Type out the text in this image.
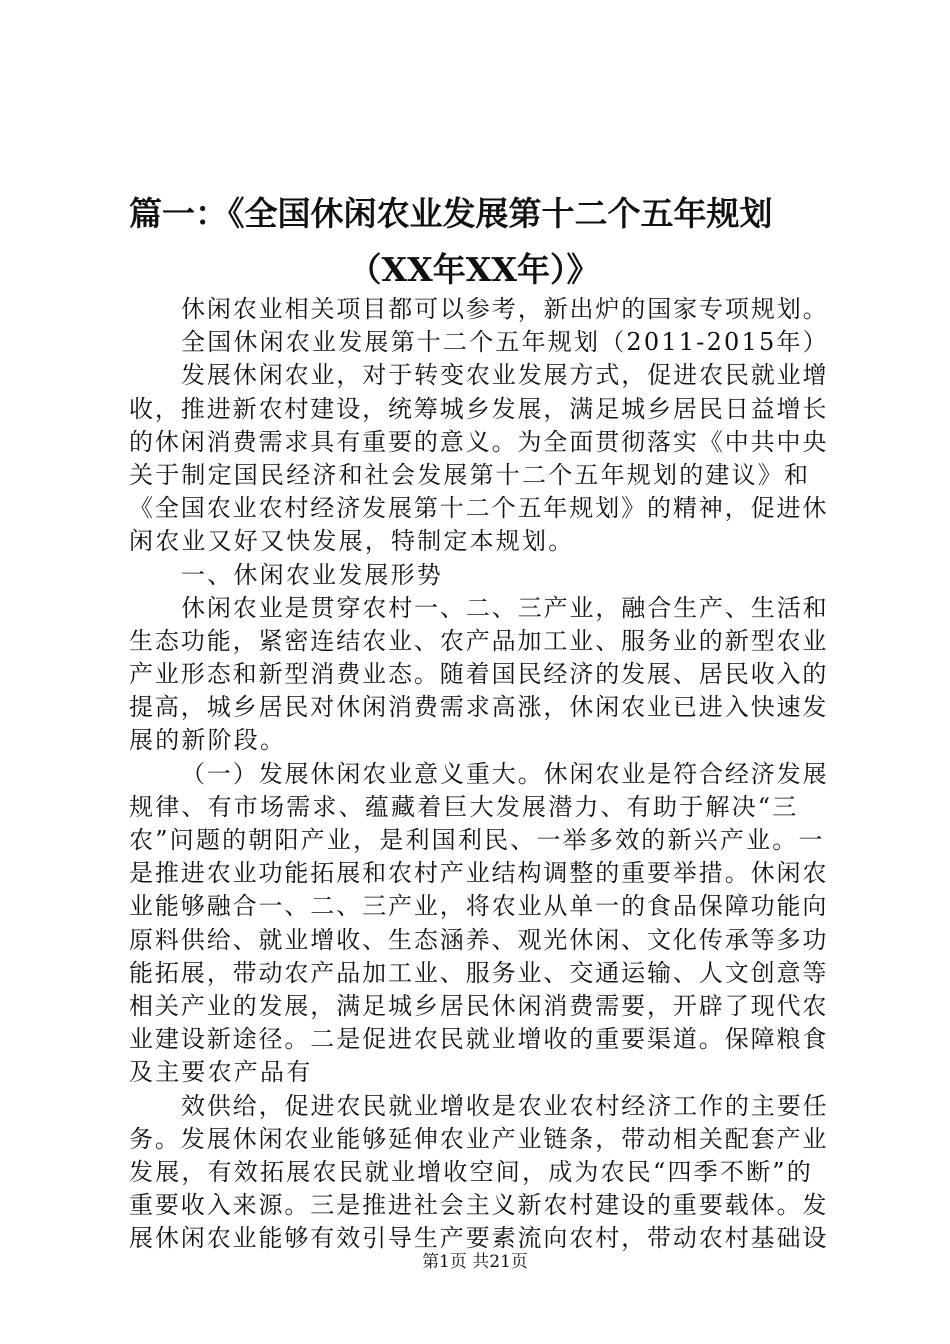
篇一：《全国休闲农业发展第十二个五年规划
（XX年XX年）》
休闲农业相关项目都可以参考，新出炉的国家专项规划。
全国休闲农业发展第十二个五年规划（2011-2015年）
发展休闲农业，对于转变农业发展方式，促进农民就业增
收，推进新农村建设，统筹城乡发展，满足城乡居民日益增长
的休闲消费需求具有重要的意义。为全面贯彻落实《中共中央
关于制定国民经济和社会发展第十二个五年规划的建议》和
《全国农业农村经济发展第十二个五年规划》的精神，促进休
闲农业又好又快发展，特制定本规划。
一、休闲农业发展形势
休闲农业是贯穿农村一、二、三产业，融合生产、生活和
生态功能，紧密连结农业、农产品加工业、服务业的新型农业
产业形态和新型消费业态。随着国民经济的发展、居民收入的
提高，城乡居民对休闲消费需求高涨，休闲农业已进入快速发
展的新阶段。
（一）发展休闲农业意义重大。休闲农业是符合经济发展
规律、有市场需求、蕴藏着巨大发展潜力、有助于解决“三
农”问题的朝阳产业，是利国利民、一举多效的新兴产业。一
是推进农业功能拓展和农村产业结构调整的重要举措。休闲农
业能够融合一、二、三产业，将农业从单一的食品保障功能向
原料供给、就业增收、生态涵养、观光休闲、文化传承等多功
能拓展，带动农产品加工业、服务业、交通运输、人文创意等
相关产业的发展，满足城乡居民休闲消费需要，开辟了现代农
业建设新途径。二是促进农民就业增收的重要渠道。保障粮食
及主要农产品有
效供给，促进农民就业增收是农业农村经济工作的主要任
务。发展休闲农业能够延伸农业产业链条，带动相关配套产业
发展，有效拓展农民就业增收空间，成为农民“四季不断”的
重要收入来源。三是推进社会主义新农村建设的重要载体。发
展休闲农业能够有效引导生产要素流向农村，带动农村基础设
第1页 共21页
